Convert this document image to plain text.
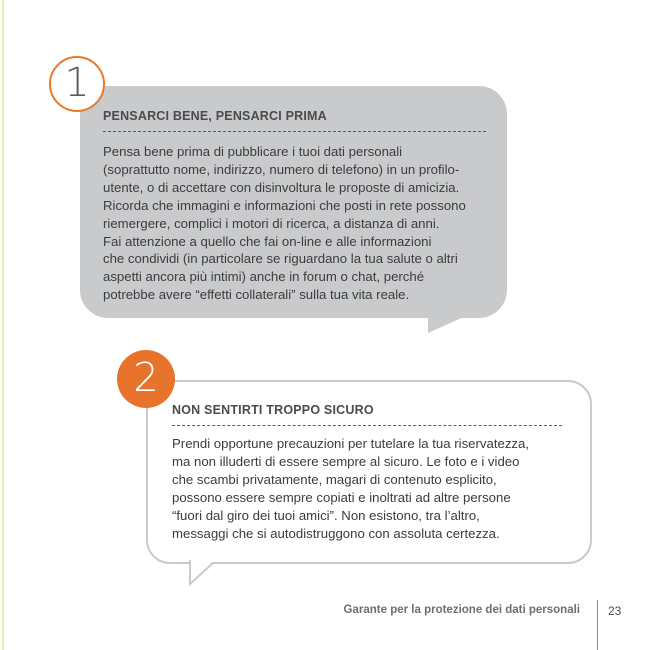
1
PENSARCI BENE, PENSARCI PRIMA
Pensa bene prima di pubblicare i tuoi dati personali
(soprattutto nome, indirizzo, numero di telefono) in un profilo-
utente, o di accettare con disinvoltura le proposte di amicizia.
Ricorda che immagini e informazioni che posti in rete possono
riemergere, complici i motori di ricerca, a distanza di anni.
Fai attenzione a quello che fai on-line e alle informazioni
che condividi (in particolare se riguardano la tua salute o altri
aspetti ancora più intimi) anche in forum o chat, perché
potrebbe avere “effetti collaterali” sulla tua vita reale.
2
NON SENTIRTI TROPPO SICURO
Prendi opportune precauzioni per tutelare la tua riservatezza,
ma non illuderti di essere sempre al sicuro. Le foto e i video
che scambi privatamente, magari di contenuto esplicito,
possono essere sempre copiati e inoltrati ad altre persone
“fuori dal giro dei tuoi amici”. Non esistono, tra l’altro,
messaggi che si autodistruggono con assoluta certezza.
Garante per la protezione dei dati personali 23
